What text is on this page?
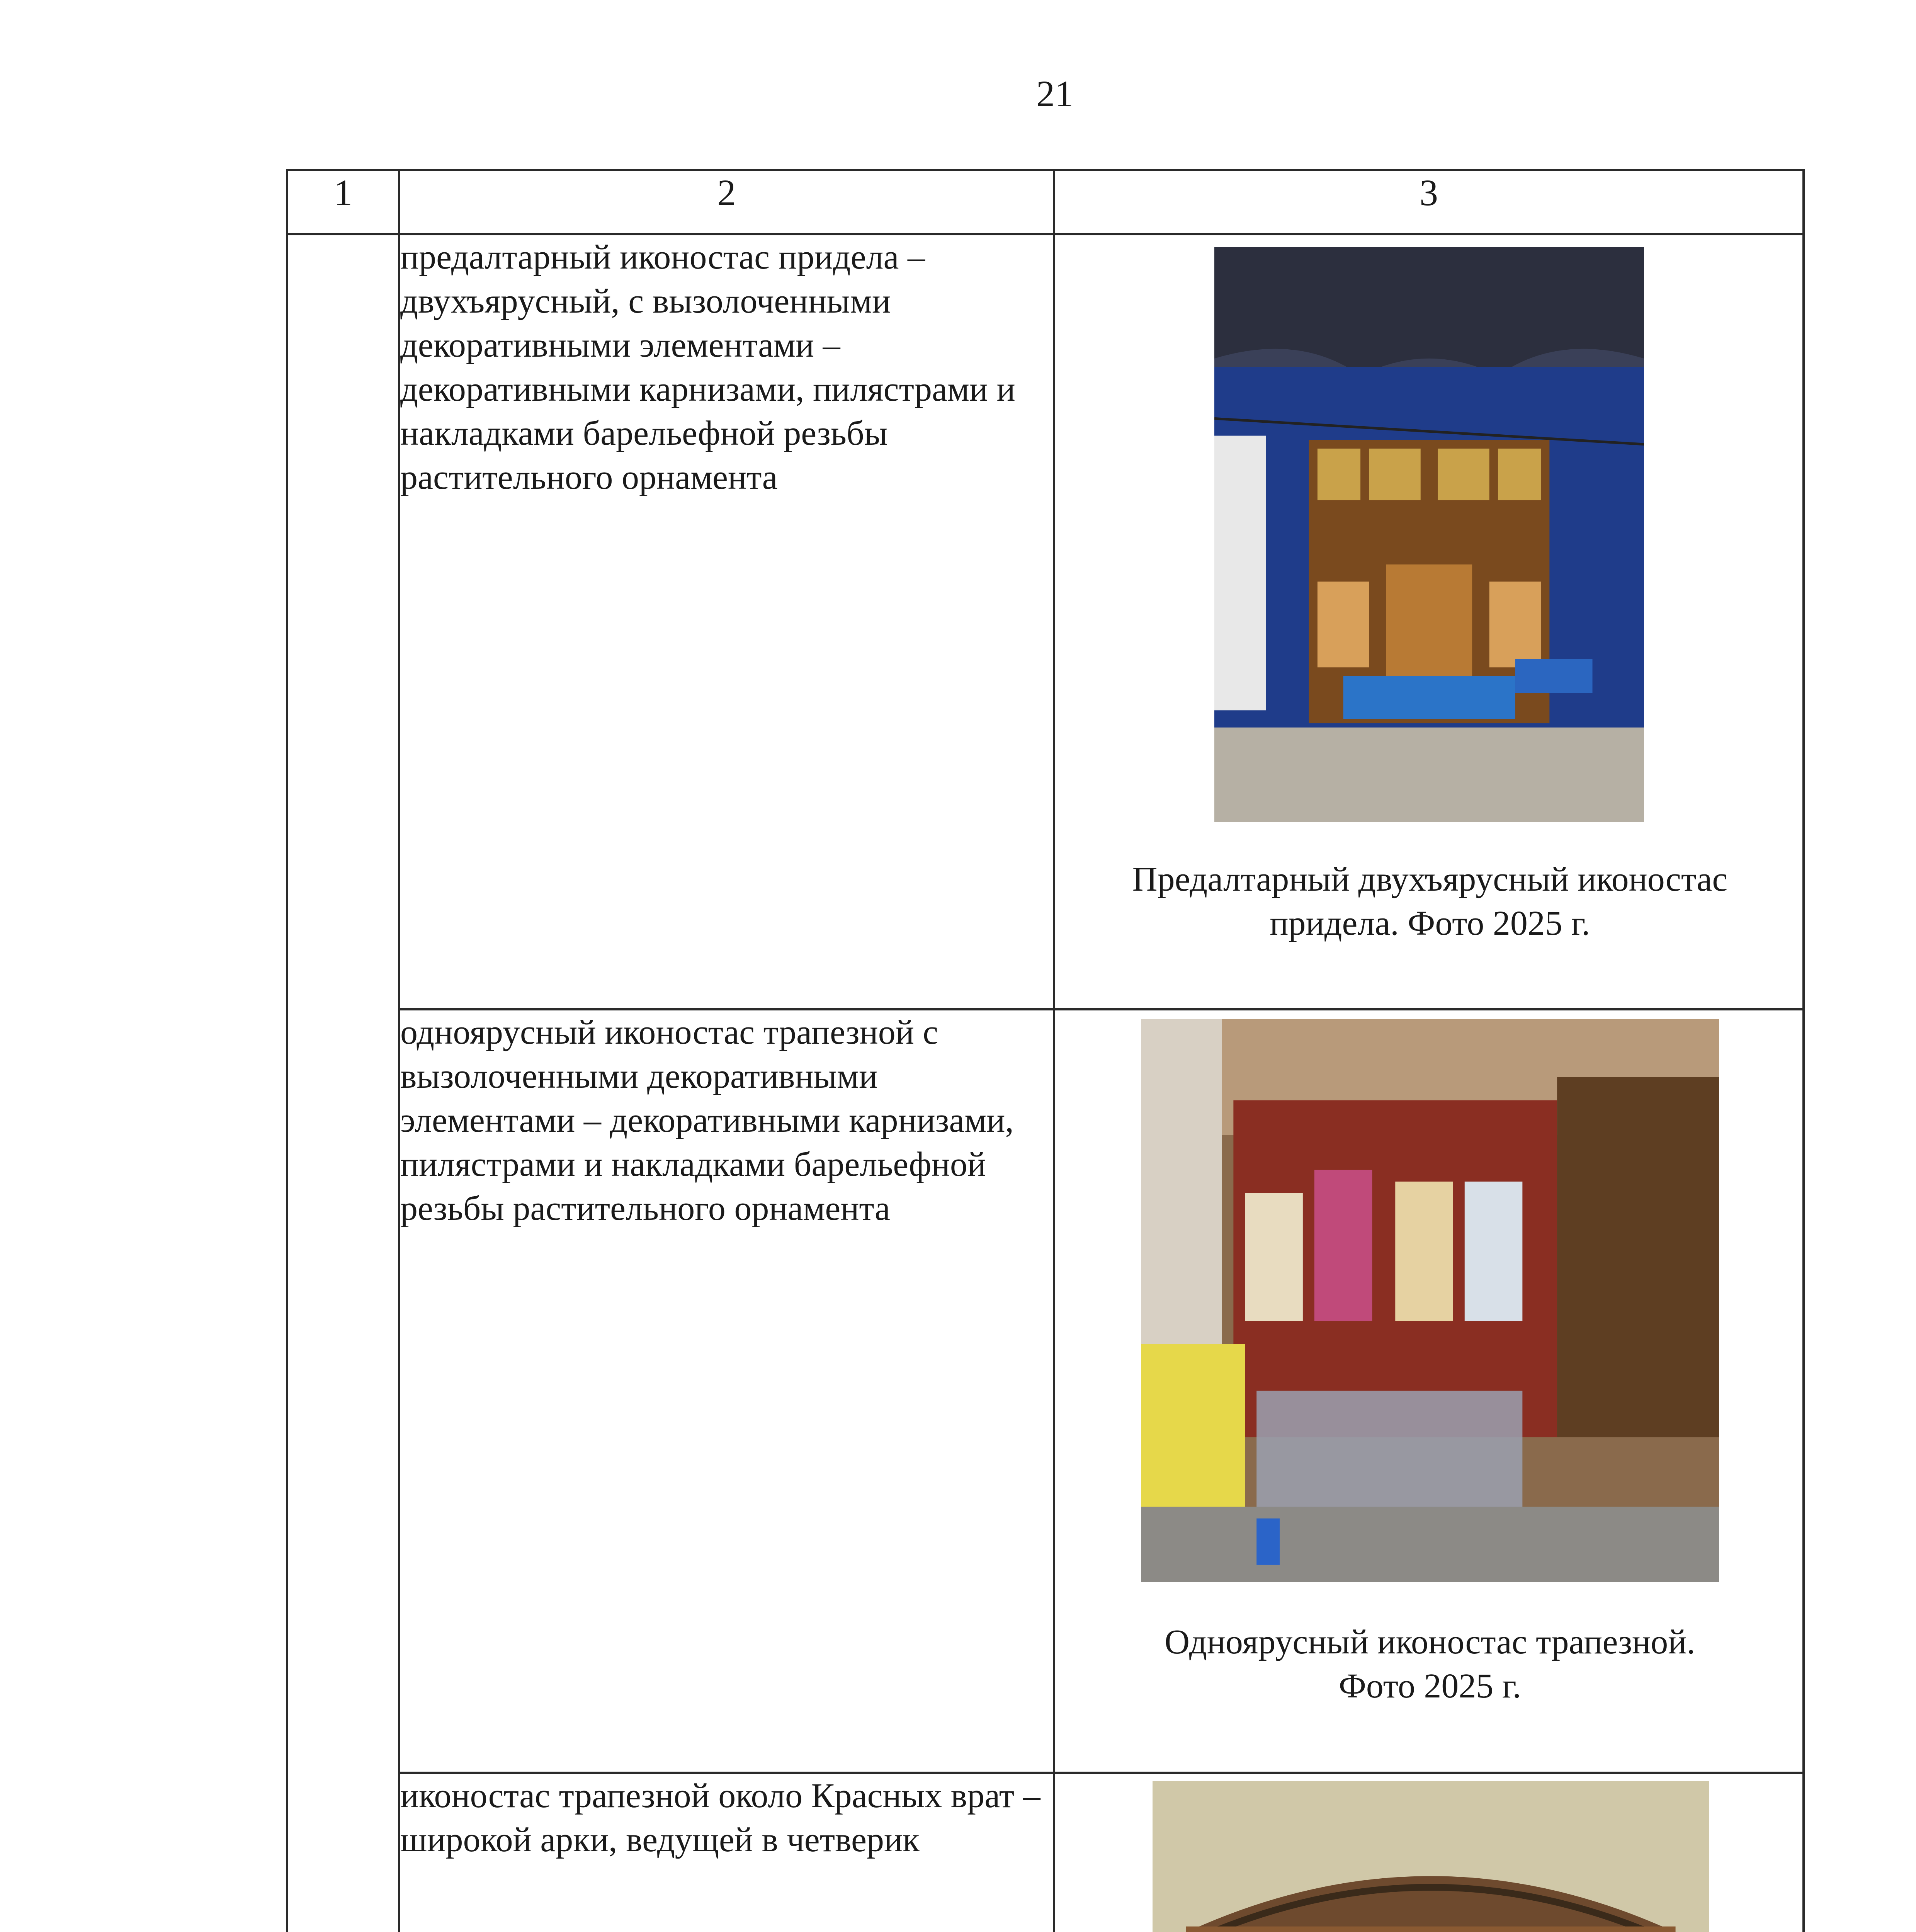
21
1	2	3
	предалтарный иконостас придела – двухъярусный, с вызолоченными декоративными элементами – декоративными карнизами, пилястрами и накладками барельефной резьбы растительного орнамента	Предалтарный двухъярусный иконостас
придела. Фото 2025 г.

	одноярусный иконостас трапезной с вызолоченными декоративными элементами – декоративными карнизами, пилястрами и накладками барельефной резьбы растительного орнамента	Одноярусный иконостас трапезной.
Фото 2025 г.

	иконостас трапезной около Красных врат – широкой арки, ведущей в четверик	
